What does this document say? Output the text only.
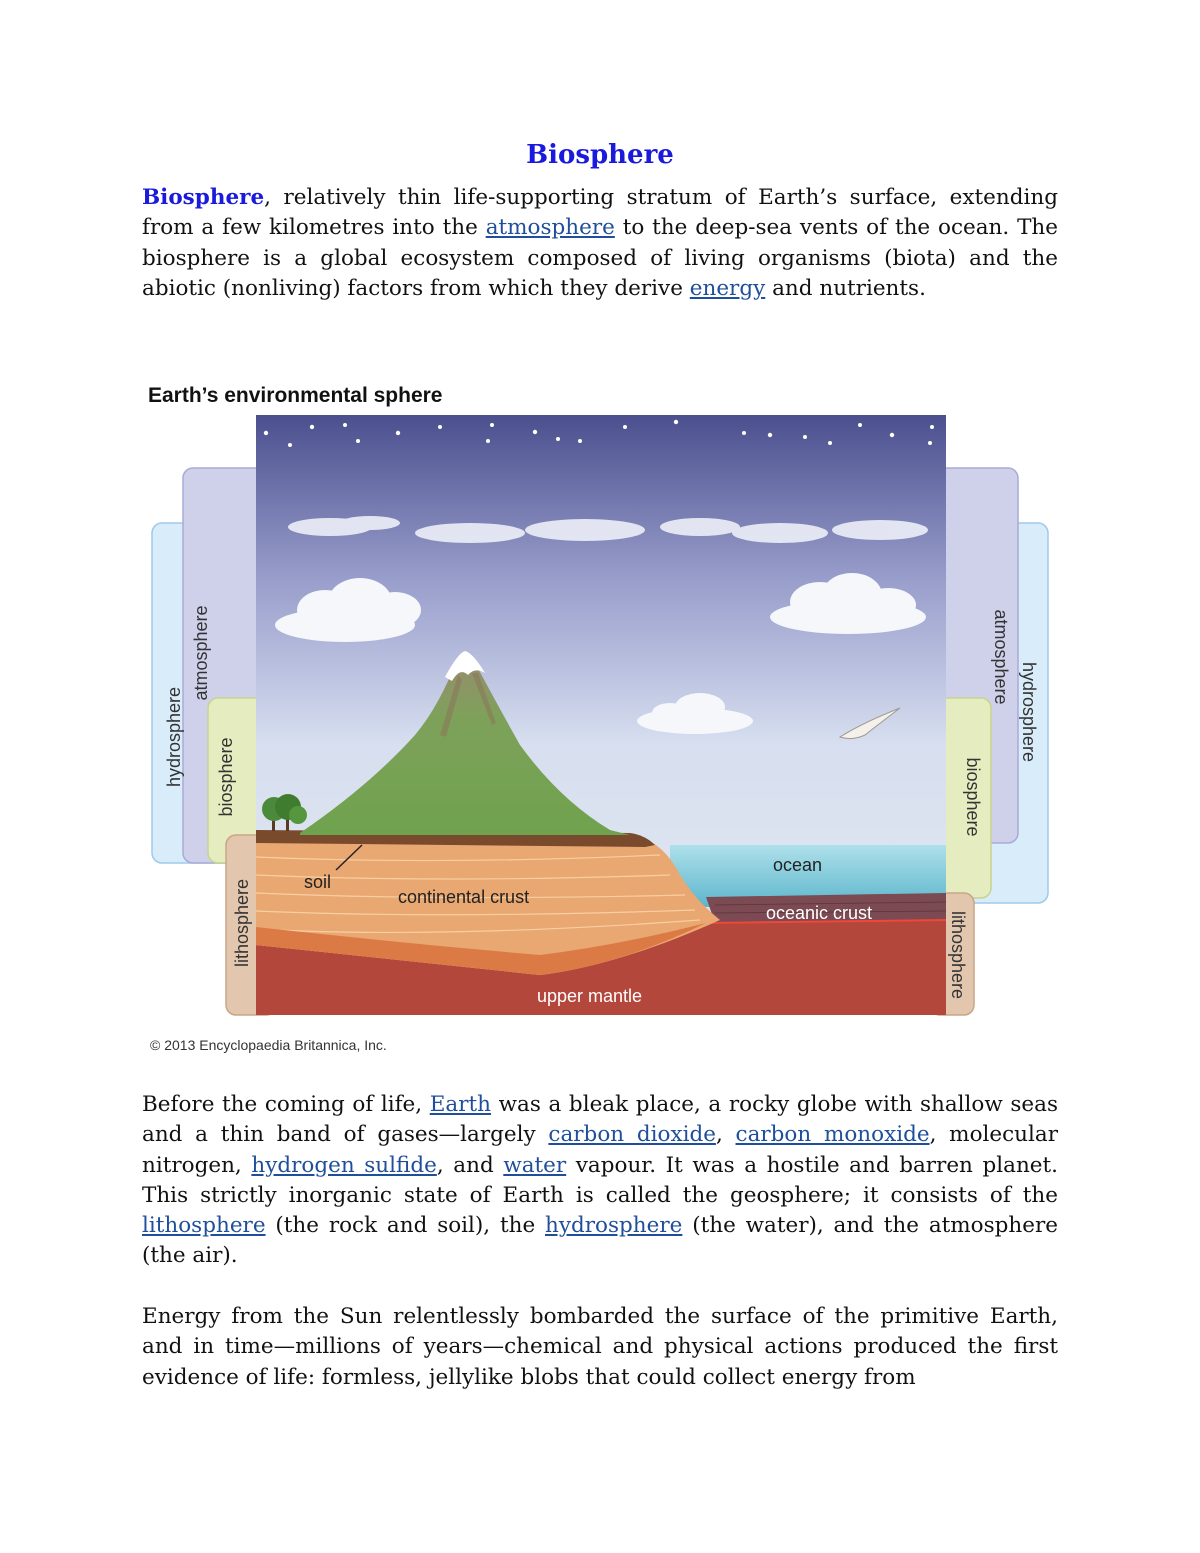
Biosphere

Biosphere, relatively thin life-supporting stratum of Earth’s surface, extending from a few kilometres into the atmosphere to the deep-sea vents of the ocean. The biosphere is a global ecosystem composed of living organisms (biota) and the abiotic (nonliving) factors from which they derive energy and nutrients.

Earth’s environmental sphere
hydrosphere
atmosphere
biosphere
lithosphere
atmosphere
hydrosphere
biosphere
lithosphere
soil
continental crust
ocean
oceanic crust
upper mantle
© 2013 Encyclopaedia Britannica, Inc.

Before the coming of life, Earth was a bleak place, a rocky globe with shallow seas and a thin band of gases—largely carbon dioxide, carbon monoxide, molecular nitrogen, hydrogen sulfide, and water vapour. It was a hostile and barren planet. This strictly inorganic state of Earth is called the geosphere; it consists of the lithosphere (the rock and soil), the hydrosphere (the water), and the atmosphere (the air).

Energy from the Sun relentlessly bombarded the surface of the primitive Earth, and in time—millions of years—chemical and physical actions produced the first evidence of life: formless, jellylike blobs that could collect energy from
